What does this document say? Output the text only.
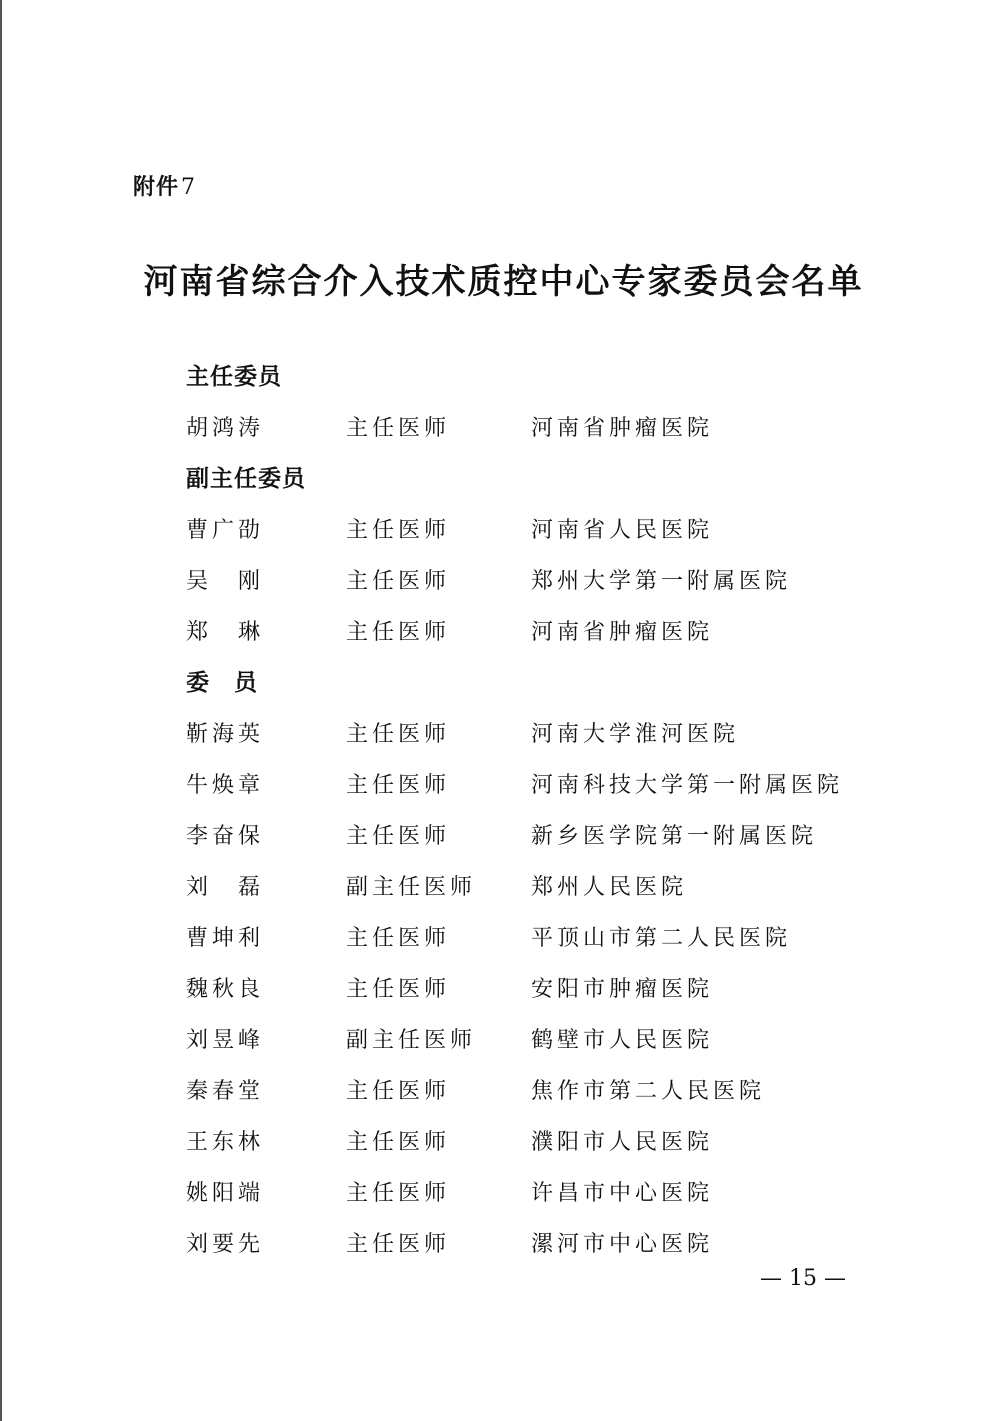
附件7
河南省综合介入技术质控中心专家委员会名单
主任委员
胡鸿涛	主任医师	河南省肿瘤医院
副主任委员
曹广劭	主任医师	河南省人民医院
吴　刚	主任医师	郑州大学第一附属医院
郑　琳	主任医师	河南省肿瘤医院
委　员
靳海英	主任医师	河南大学淮河医院
牛焕章	主任医师	河南科技大学第一附属医院
李奋保	主任医师	新乡医学院第一附属医院
刘　磊	副主任医师 郑州人民医院
曹坤利	主任医师	平顶山市第二人民医院
魏秋良	主任医师	安阳市肿瘤医院
刘昱峰	副主任医师 鹤壁市人民医院
秦春堂	主任医师	焦作市第二人民医院
王东林	主任医师	濮阳市人民医院
姚阳端	主任医师	许昌市中心医院
刘要先	主任医师	漯河市中心医院
— 15 —
